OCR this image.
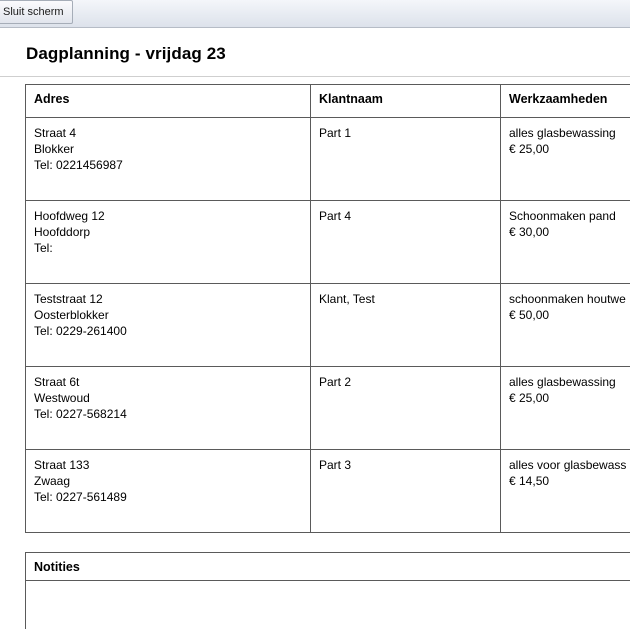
Sluit scherm
Dagplanning - vrijdag 23
Adres	Klantnaam	Werkzaamheden

Straat 4
Blokker
Tel: 0221456987	Part 1	alles glasbewassing
€ 25,00

Hoofdweg 12
Hoofddorp
Tel:	Part 4	Schoonmaken pand
€ 30,00

Teststraat 12
Oosterblokker
Tel: 0229-261400	Klant, Test	schoonmaken houtwe
€ 50,00

Straat 6t
Westwoud
Tel: 0227-568214	Part 2	alles glasbewassing
€ 25,00

Straat 133
Zwaag
Tel: 0227-561489	Part 3	alles voor glasbewass
€ 14,50
Notities
